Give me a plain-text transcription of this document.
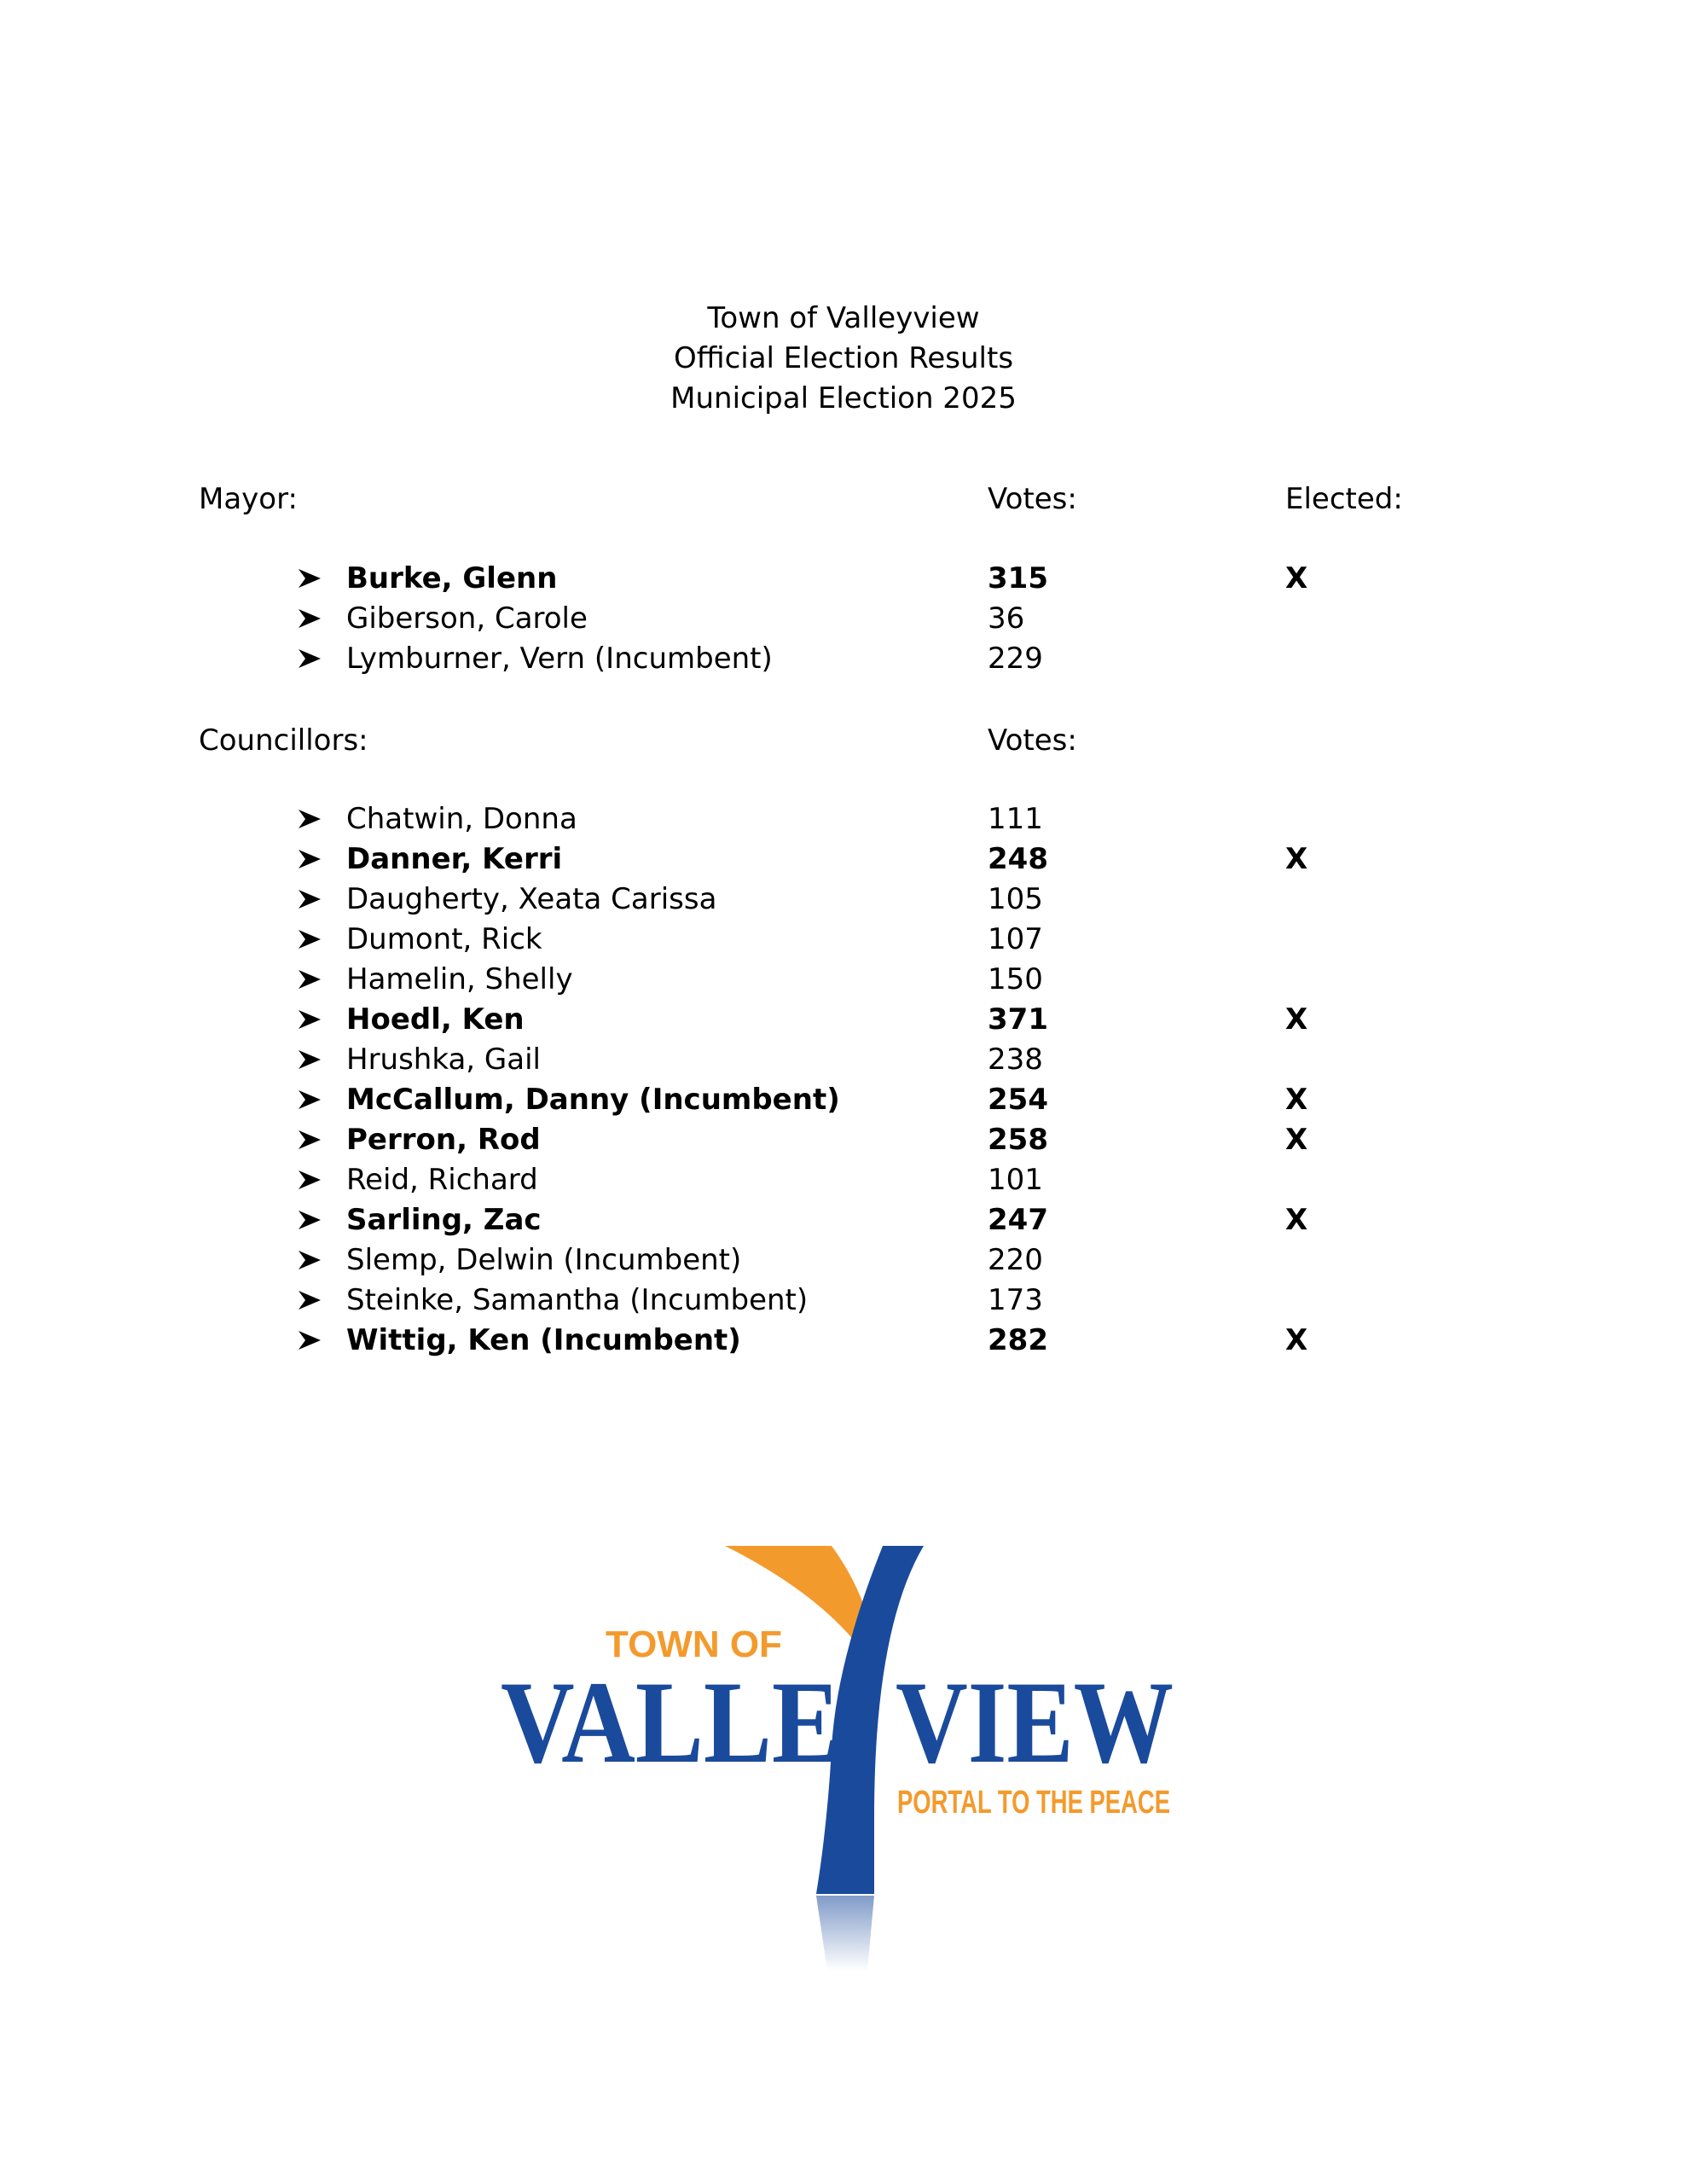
Town of Valleyview
Official Election Results
Municipal Election 2025
Mayor:	Votes:	Elected:
Burke, Glenn	315	X
Giberson, Carole	36
Lymburner, Vern (Incumbent)	229
Councillors:	Votes:
Chatwin, Donna	111
Danner, Kerri	248	X
Daugherty, Xeata Carissa	105
Dumont, Rick	107
Hamelin, Shelly	150
Hoedl, Ken	371	X
Hrushka, Gail	238
McCallum, Danny (Incumbent)	254	X
Perron, Rod	258	X
Reid, Richard	101
Sarling, Zac	247	X
Slemp, Delwin (Incumbent)	220
Steinke, Samantha (Incumbent)	173
Wittig, Ken (Incumbent)	282	X
TOWN OF
VALLE VIEW
PORTAL TO THE PEACE
